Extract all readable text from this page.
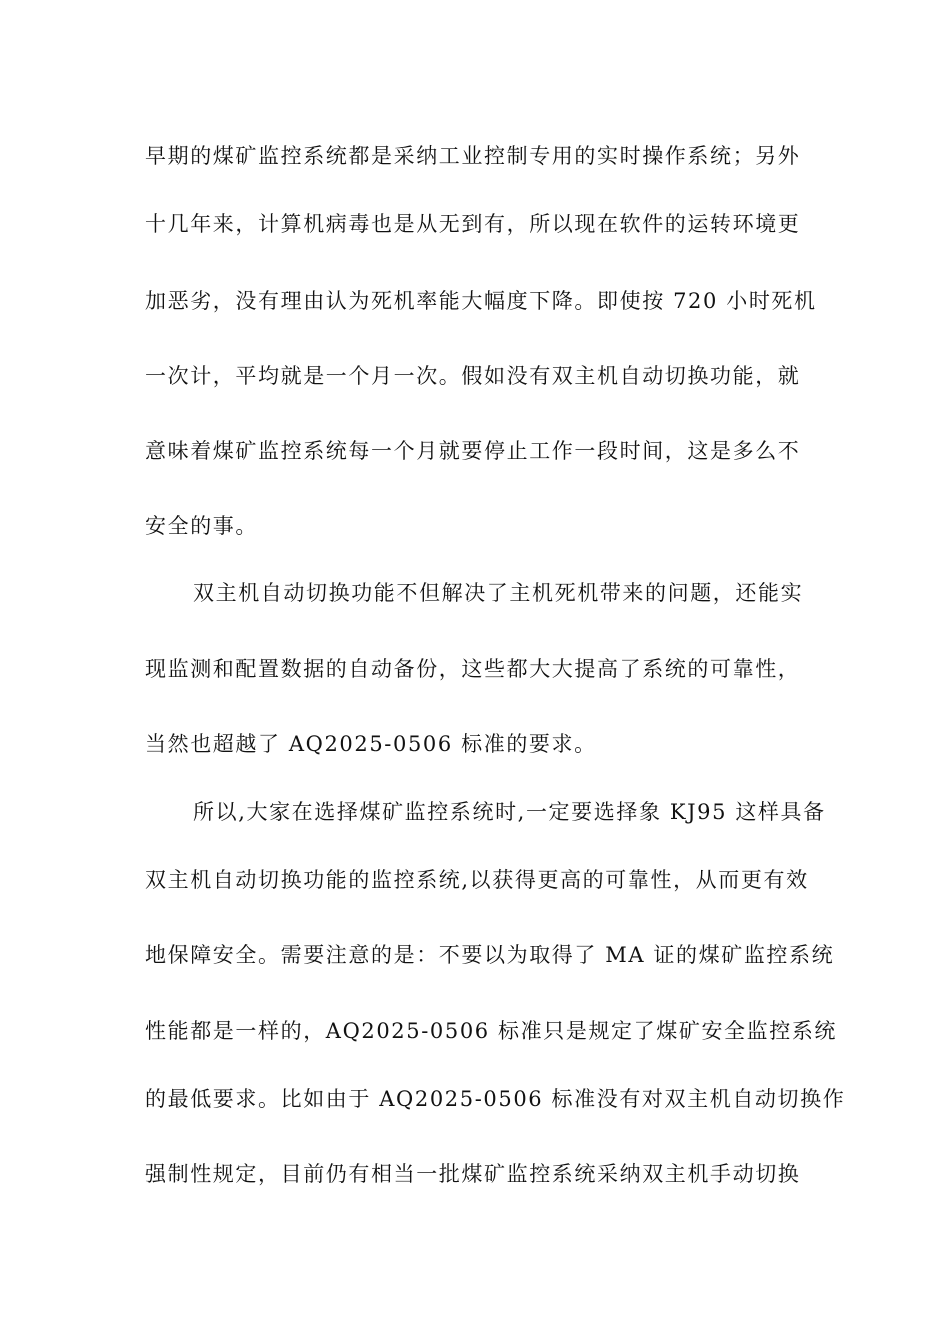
早期的煤矿监控系统都是采纳工业控制专用的实时操作系统；另外
十几年来，计算机病毒也是从无到有，所以现在软件的运转环境更
加恶劣，没有理由认为死机率能大幅度下降。即使按 720 小时死机
一次计，平均就是一个月一次。假如没有双主机自动切换功能，就
意味着煤矿监控系统每一个月就要停止工作一段时间，这是多么不
安全的事。
双主机自动切换功能不但解决了主机死机带来的问题，还能实
现监测和配置数据的自动备份，这些都大大提高了系统的可靠性，
当然也超越了 AQ2025-0506 标准的要求。
所以,大家在选择煤矿监控系统时,一定要选择象 KJ95 这样具备
双主机自动切换功能的监控系统,以获得更高的可靠性，从而更有效
地保障安全。需要注意的是：不要以为取得了 MA 证的煤矿监控系统
性能都是一样的，AQ2025-0506 标准只是规定了煤矿安全监控系统
的最低要求。比如由于 AQ2025-0506 标准没有对双主机自动切换作
强制性规定，目前仍有相当一批煤矿监控系统采纳双主机手动切换
